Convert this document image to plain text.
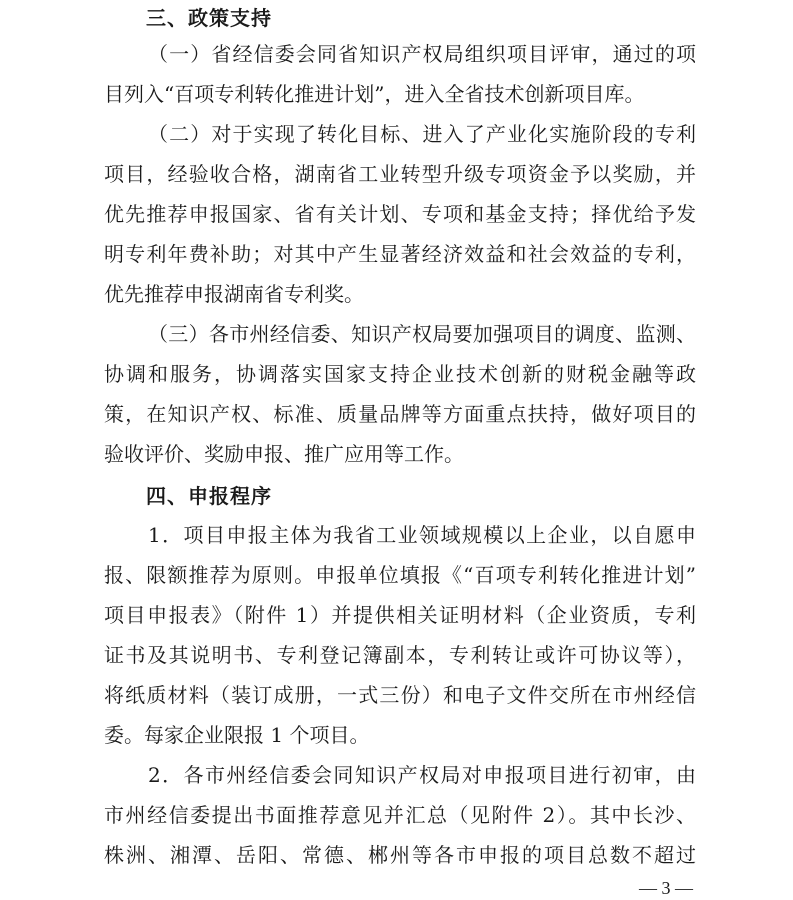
三、政策支持
（一）省经信委会同省知识产权局组织项目评审，通过的项
目列入“百项专利转化推进计划”，进入全省技术创新项目库。
（二）对于实现了转化目标、进入了产业化实施阶段的专利
项目，经验收合格，湖南省工业转型升级专项资金予以奖励，并
优先推荐申报国家、省有关计划、专项和基金支持；择优给予发
明专利年费补助；对其中产生显著经济效益和社会效益的专利，
优先推荐申报湖南省专利奖。
（三）各市州经信委、知识产权局要加强项目的调度、监测、
协调和服务，协调落实国家支持企业技术创新的财税金融等政
策，在知识产权、标准、质量品牌等方面重点扶持，做好项目的
验收评价、奖励申报、推广应用等工作。
四、申报程序
1．项目申报主体为我省工业领域规模以上企业，以自愿申
报、限额推荐为原则。申报单位填报《“百项专利转化推进计划”
项目申报表》（附件 1）并提供相关证明材料（企业资质，专利
证书及其说明书、专利登记簿副本，专利转让或许可协议等），
将纸质材料（装订成册，一式三份）和电子文件交所在市州经信
委。每家企业限报 1 个项目。
2．各市州经信委会同知识产权局对申报项目进行初审，由
市州经信委提出书面推荐意见并汇总（见附件 2）。其中长沙、
株洲、湘潭、岳阳、常德、郴州等各市申报的项目总数不超过
— 3 —
